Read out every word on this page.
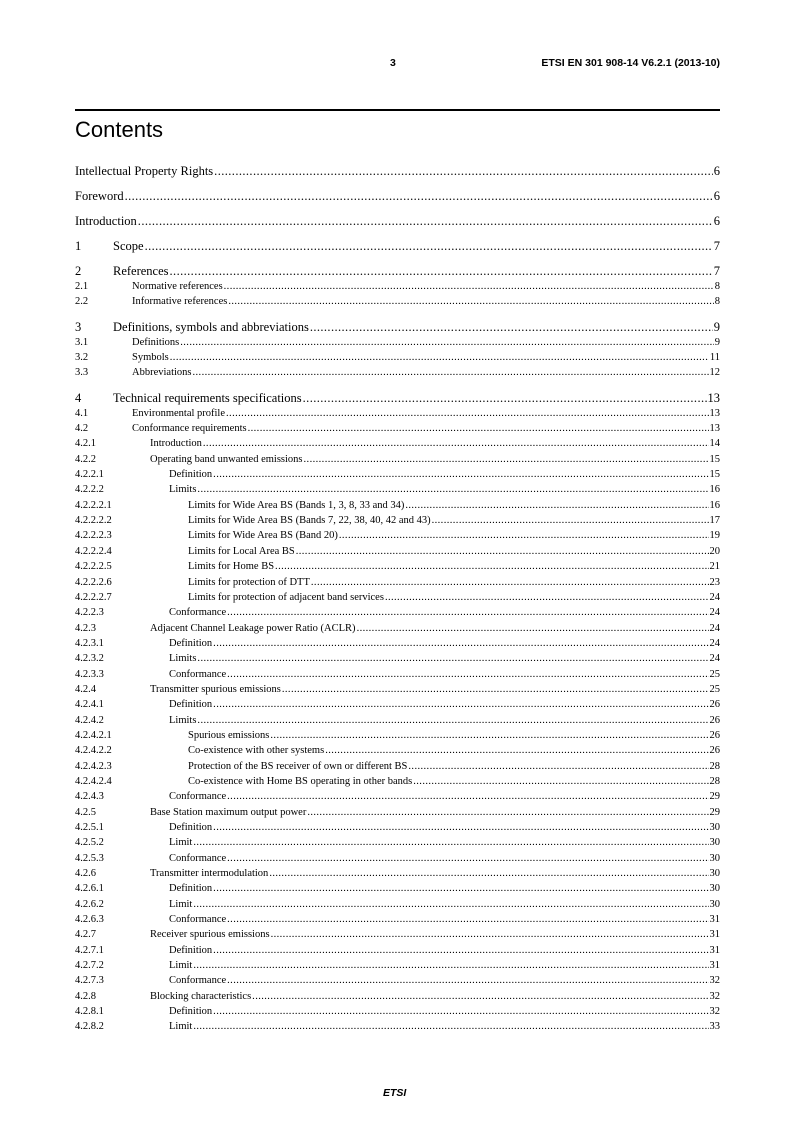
3	ETSI EN 301 908-14 V6.2.1 (2013-10)
Contents
Intellectual Property Rights .....	6
Foreword .....	6
Introduction .....	6
1	Scope .....	7
2	References .....	7
2.1	Normative references .....	8
2.2	Informative references .....	8
3	Definitions, symbols and abbreviations .....	9
3.1	Definitions .....	9
3.2	Symbols .....	11
3.3	Abbreviations .....	12
4	Technical requirements specifications .....	13
4.1	Environmental profile .....	13
4.2	Conformance requirements .....	13
4.2.1	Introduction .....	14
4.2.2	Operating band unwanted emissions .....	15
4.2.2.1	Definition .....	15
4.2.2.2	Limits .....	16
4.2.2.2.1	Limits for Wide Area BS (Bands 1, 3, 8, 33 and 34) .....	16
4.2.2.2.2	Limits for Wide Area BS (Bands 7, 22, 38, 40, 42 and 43) .....	17
4.2.2.2.3	Limits for Wide Area BS (Band 20) .....	19
4.2.2.2.4	Limits for Local Area BS .....	20
4.2.2.2.5	Limits for Home BS .....	21
4.2.2.2.6	Limits for protection of DTT .....	23
4.2.2.2.7	Limits for protection of adjacent band services .....	24
4.2.2.3	Conformance .....	24
4.2.3	Adjacent Channel Leakage power Ratio (ACLR) .....	24
4.2.3.1	Definition .....	24
4.2.3.2	Limits .....	24
4.2.3.3	Conformance .....	25
4.2.4	Transmitter spurious emissions .....	25
4.2.4.1	Definition .....	26
4.2.4.2	Limits .....	26
4.2.4.2.1	Spurious emissions .....	26
4.2.4.2.2	Co-existence with other systems .....	26
4.2.4.2.3	Protection of the BS receiver of own or different BS .....	28
4.2.4.2.4	Co-existence with Home BS operating in other bands .....	28
4.2.4.3	Conformance .....	29
4.2.5	Base Station maximum output power .....	29
4.2.5.1	Definition .....	30
4.2.5.2	Limit .....	30
4.2.5.3	Conformance .....	30
4.2.6	Transmitter intermodulation .....	30
4.2.6.1	Definition .....	30
4.2.6.2	Limit .....	30
4.2.6.3	Conformance .....	31
4.2.7	Receiver spurious emissions .....	31
4.2.7.1	Definition .....	31
4.2.7.2	Limit .....	31
4.2.7.3	Conformance .....	32
4.2.8	Blocking characteristics .....	32
4.2.8.1	Definition .....	32
4.2.8.2	Limit .....	33
ETSI
